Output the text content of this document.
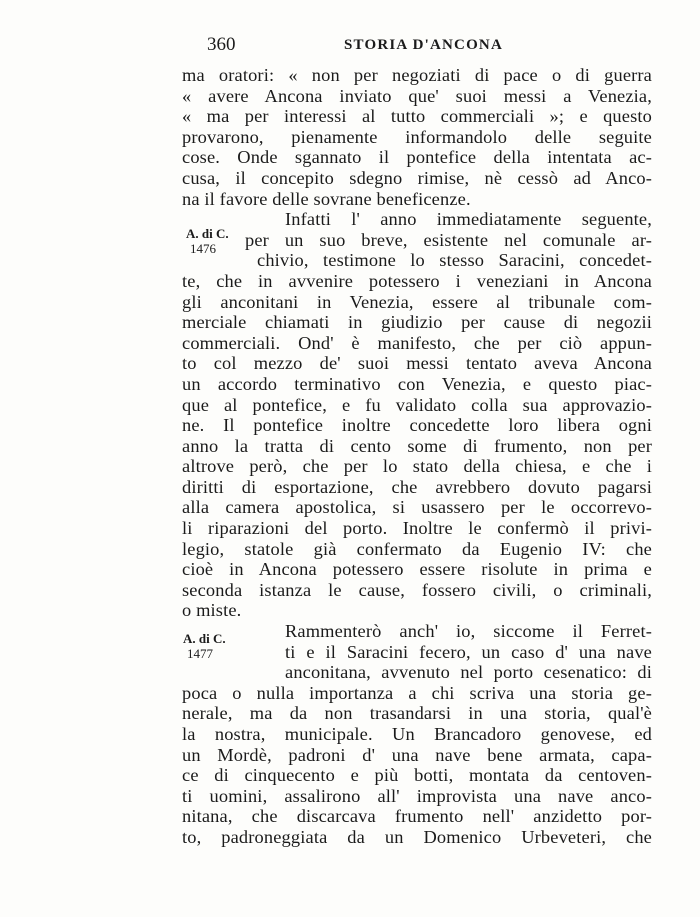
360	STORIA D'ANCONA
A. di C.
1476
A. di C.
1477
ma oratori: « non per negoziati di pace o di guerra
« avere Ancona inviato que' suoi messi a Venezia,
« ma per interessi al tutto commerciali »; e questo
provarono, pienamente informandolo delle seguite
cose. Onde sgannato il pontefice della intentata ac-
cusa, il concepito sdegno rimise, nè cessò ad Anco-
na il favore delle sovrane beneficenze.
Infatti l' anno immediatamente seguente,
per un suo breve, esistente nel comunale ar-
chivio, testimone lo stesso Saracini, concedet-
te, che in avvenire potessero i veneziani in Ancona
gli anconitani in Venezia, essere al tribunale com-
merciale chiamati in giudizio per cause di negozii
commerciali. Ond' è manifesto, che per ciò appun-
to col mezzo de' suoi messi tentato aveva Ancona
un accordo terminativo con Venezia, e questo piac-
que al pontefice, e fu validato colla sua approvazio-
ne. Il pontefice inoltre concedette loro libera ogni
anno la tratta di cento some di frumento, non per
altrove però, che per lo stato della chiesa, e che i
diritti di esportazione, che avrebbero dovuto pagarsi
alla camera apostolica, si usassero per le occorrevo-
li riparazioni del porto. Inoltre le confermò il privi-
legio, statole già confermato da Eugenio IV: che
cioè in Ancona potessero essere risolute in prima e
seconda istanza le cause, fossero civili, o criminali,
o miste.
Rammenterò anch' io, siccome il Ferret-
ti e il Saracini fecero, un caso d' una nave
anconitana, avvenuto nel porto cesenatico: di
poca o nulla importanza a chi scriva una storia ge-
nerale, ma da non trasandarsi in una storia, qual'è
la nostra, municipale. Un Brancadoro genovese, ed
un Mordè, padroni d' una nave bene armata, capa-
ce di cinquecento e più botti, montata da centoven-
ti uomini, assalirono all' improvista una nave anco-
nitana, che discarcava frumento nell' anzidetto por-
to, padroneggiata da un Domenico Urbeveteri, che
